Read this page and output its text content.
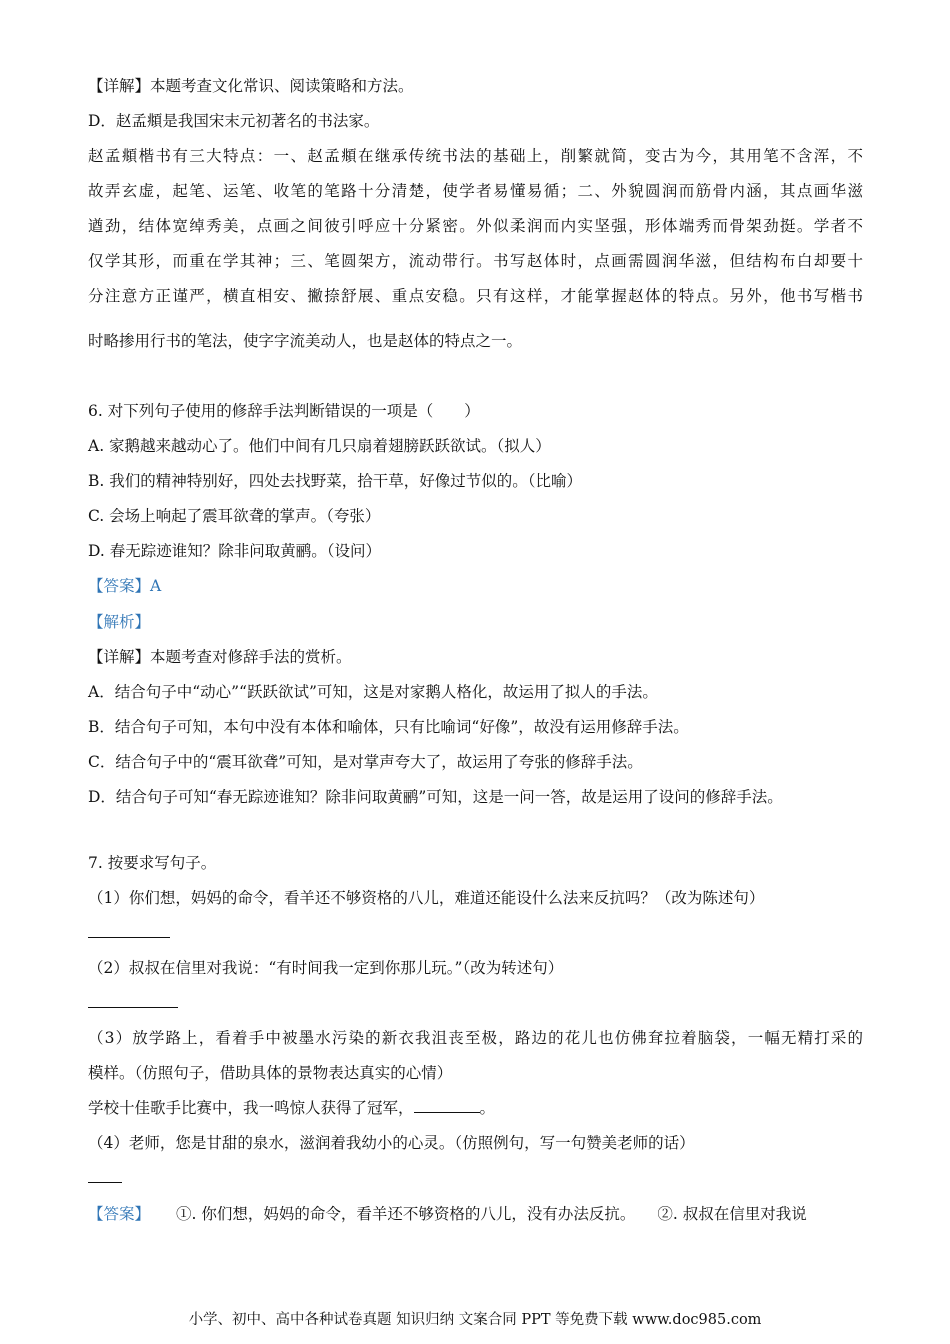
【详解】本题考查文化常识、阅读策略和方法。
D．赵孟頫是我国宋末元初著名的书法家。
赵孟頫楷书有三大特点：一、赵孟頫在继承传统书法的基础上，削繁就简，变古为今，其用笔不含浑，不
故弄玄虚，起笔、运笔、收笔的笔路十分清楚，使学者易懂易循；二、外貌圆润而筋骨内涵，其点画华滋
遒劲，结体宽绰秀美，点画之间彼引呼应十分紧密。外似柔润而内实坚强，形体端秀而骨架劲挺。学者不
仅学其形，而重在学其神；三、笔圆架方，流动带行。书写赵体时，点画需圆润华滋，但结构布白却要十
分注意方正谨严，横直相安、撇捺舒展、重点安稳。只有这样，才能掌握赵体的特点。另外，他书写楷书
时略掺用行书的笔法，使字字流美动人，也是赵体的特点之一。
6. 对下列句子使用的修辞手法判断错误的一项是（　　）
A. 家鹅越来越动心了。他们中间有几只扇着翅膀跃跃欲试。（拟人）
B. 我们的精神特别好，四处去找野菜，拾干草，好像过节似的。（比喻）
C. 会场上响起了震耳欲聋的掌声。（夸张）
D. 春无踪迹谁知？除非问取黄鹂。（设问）
【答案】A
【解析】
【详解】本题考查对修辞手法的赏析。
A．结合句子中“动心”“跃跃欲试”可知，这是对家鹅人格化，故运用了拟人的手法。
B．结合句子可知，本句中没有本体和喻体，只有比喻词“好像”，故没有运用修辞手法。
C．结合句子中的“震耳欲聋”可知，是对掌声夸大了，故运用了夸张的修辞手法。
D．结合句子可知“春无踪迹谁知？除非问取黄鹂”可知，这是一问一答，故是运用了设问的修辞手法。
7. 按要求写句子。
（1）你们想，妈妈的命令，看羊还不够资格的八儿，难道还能设什么法来反抗吗？（改为陈述句）
（2）叔叔在信里对我说：“有时间我一定到你那儿玩。”（改为转述句）
（3）放学路上，看着手中被墨水污染的新衣我沮丧至极，路边的花儿也仿佛耷拉着脑袋，一幅无精打采的
模样。（仿照句子，借助具体的景物表达真实的心情）
学校十佳歌手比赛中，我一鸣惊人获得了冠军，	。
（4）老师，您是甘甜的泉水，滋润着我幼小的心灵。（仿照例句，写一句赞美老师的话）
【答案】 ①. 你们想，妈妈的命令，看羊还不够资格的八儿，没有办法反抗。 ②. 叔叔在信里对我说
小学、初中、高中各种试卷真题 知识归纳 文案合同 PPT 等免费下载 www.doc985.com
